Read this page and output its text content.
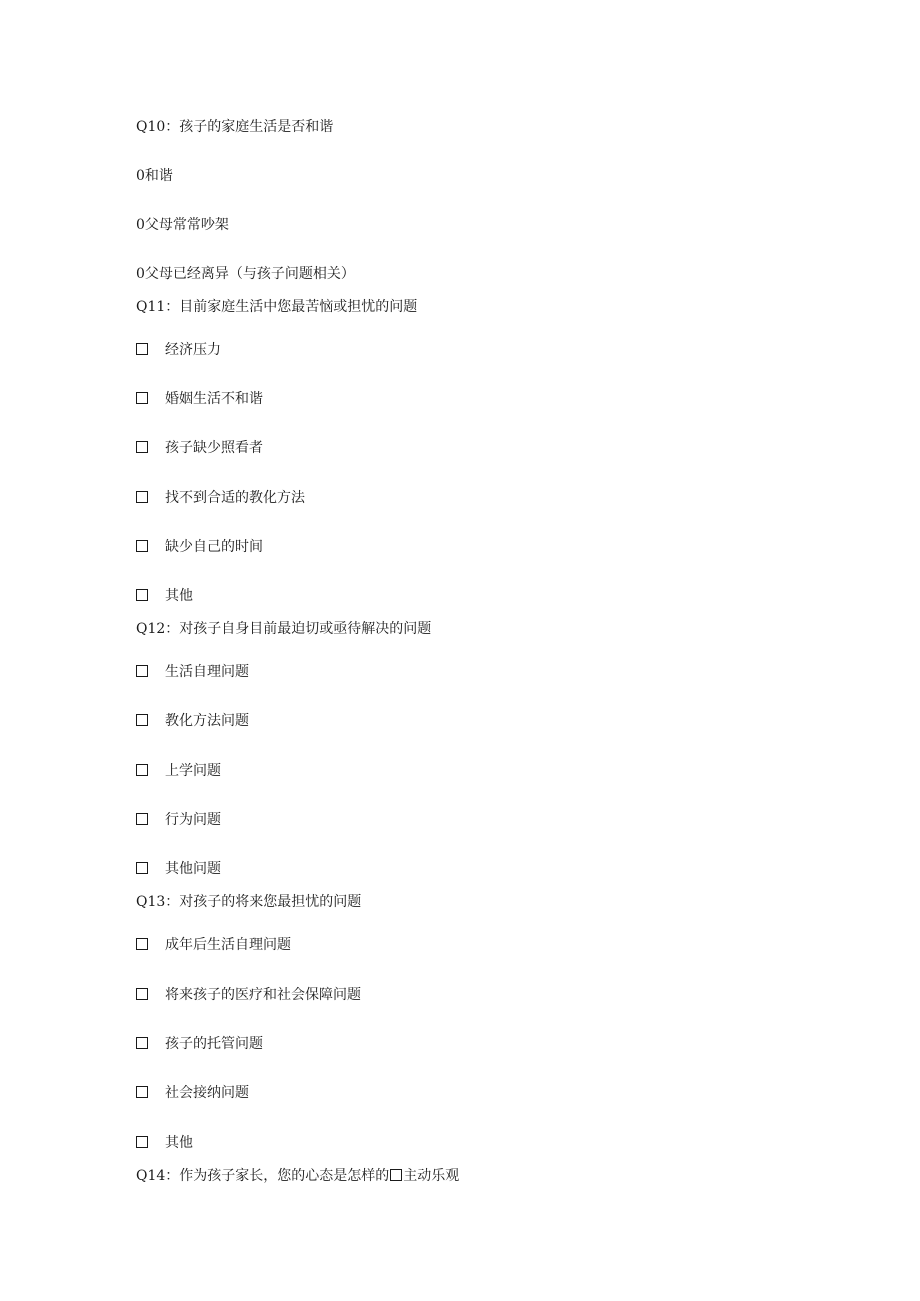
Q10：孩子的家庭生活是否和谐
0和谐
0父母常常吵架
0父母已经离异（与孩子问题相关）
Q11：目前家庭生活中您最苦恼或担忧的问题
经济压力
婚姻生活不和谐
孩子缺少照看者
找不到合适的教化方法
缺少自己的时间
其他
Q12：对孩子自身目前最迫切或亟待解决的问题
生活自理问题
教化方法问题
上学问题
行为问题
其他问题
Q13：对孩子的将来您最担忧的问题
成年后生活自理问题
将来孩子的医疗和社会保障问题
孩子的托管问题
社会接纳问题
其他
Q14：作为孩子家长，您的心态是怎样的 主动乐观
